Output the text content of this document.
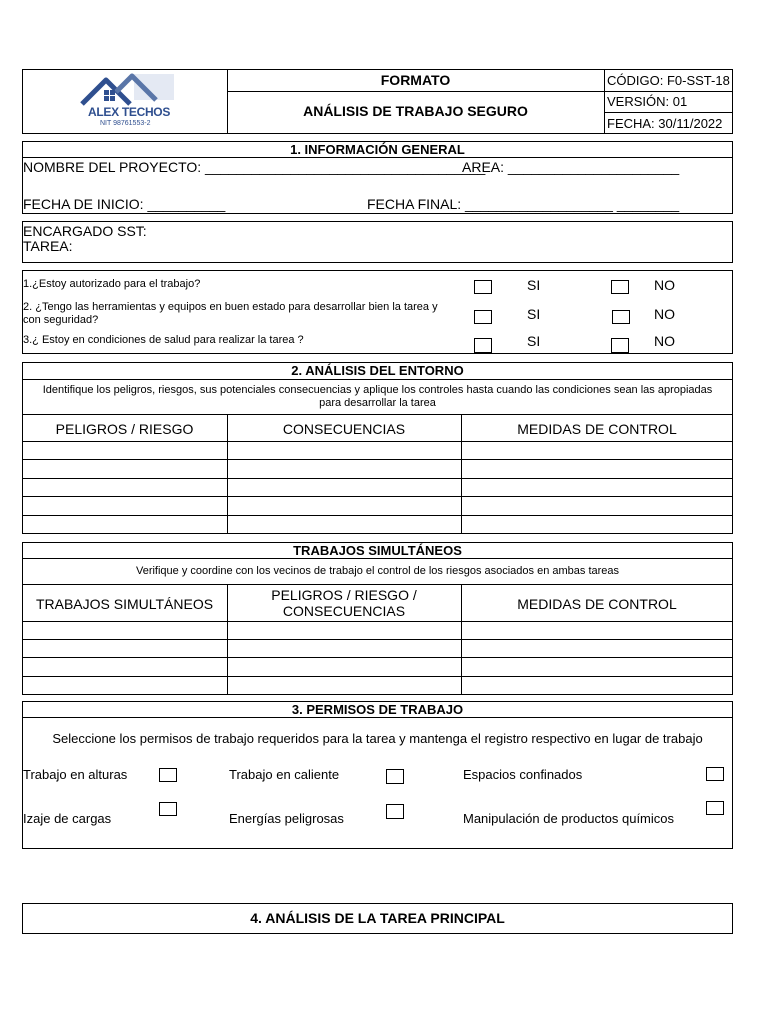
ALEX TECHOS
NIT 98761553-2
FORMATO
ANÁLISIS DE TRABAJO SEGURO
CÓDIGO: F0-SST-18
VERSIÓN: 01
FECHA: 30/11/2022
1. INFORMACIÓN GENERAL
NOMBRE DEL PROYECTO: ____________________________________
AREA: ______________________
FECHA DE INICIO: __________	FECHA FINAL: ___________________ ________
ENCARGADO SST:
TAREA:
1.¿Estoy autorizado para el trabajo?	SI	NO
2. ¿Tengo las herramientas y equipos en buen estado para desarrollar bien la tarea y
con seguridad?	SI	NO
3.¿ Estoy en condiciones de salud para realizar la tarea ?	SI	NO
2. ANÁLISIS DEL ENTORNO
Identifique los peligros, riesgos, sus potenciales consecuencias y aplique los controles hasta cuando las condiciones sean las apropiadas
para desarrollar la tarea
PELIGROS / RIESGO	CONSECUENCIAS	MEDIDAS DE CONTROL
TRABAJOS SIMULTÁNEOS
Verifique y coordine con los vecinos de trabajo el control de los riesgos asociados en ambas tareas
TRABAJOS SIMULTÁNEOS
PELIGROS / RIESGO /
CONSECUENCIAS	MEDIDAS DE CONTROL
3. PERMISOS DE TRABAJO
Seleccione los permisos de trabajo requeridos para la tarea y mantenga el registro respectivo en lugar de trabajo
Trabajo en alturas	Trabajo en caliente	Espacios confinados
Izaje de cargas	Energías peligrosas	Manipulación de productos químicos
4. ANÁLISIS DE LA TAREA PRINCIPAL
